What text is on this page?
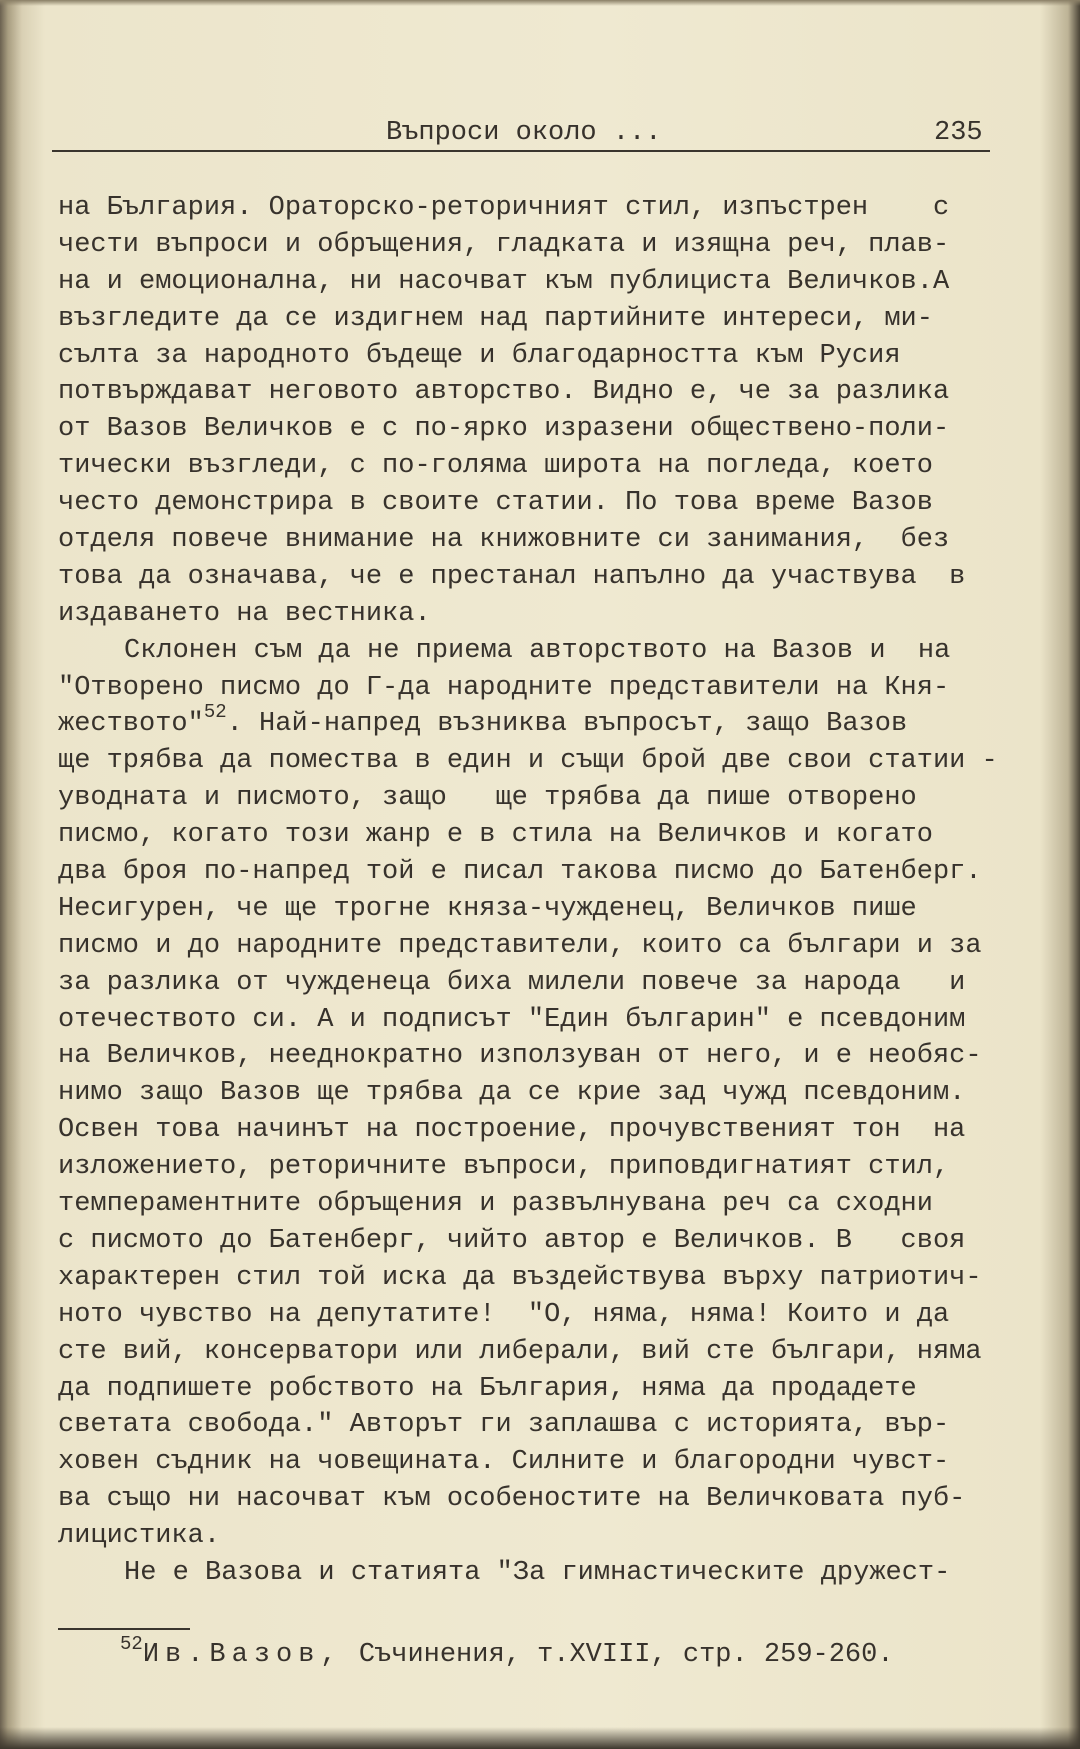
Въпроси около ...	235
на България. Ораторско-реторичният стил, изпъстрен    с
чести въпроси и обръщения, гладката и изящна реч, плав-
на и емоционална, ни насочват към публициста Величков.А
възгледите да се издигнем над партийните интереси, ми-
сълта за народното бъдеще и благодарността към Русия
потвърждават неговото авторство. Видно е, че за разлика
от Вазов Величков е с по-ярко изразени обществено-поли-
тически възгледи, с по-голяма широта на погледа, което
често демонстрира в своите статии. По това време Вазов
отделя повече внимание на книжовните си занимания,  без
това да означава, че е престанал напълно да участвува  в
издаването на вестника.
Склонен съм да не приема авторството на Вазов и  на
"Отворено писмо до Г-да народните представители на Кня-
жеството"$^{52}$. Най-напред възниква въпросът, защо Вазов
ще трябва да помества в един и същи брой две свои статии -
уводната и писмото, защо   ще трябва да пише отворено
писмо, когато този жанр е в стила на Величков и когато
два броя по-напред той е писал такова писмо до Батенберг.
Несигурен, че ще трогне княза-чужденец, Величков пише
писмо и до народните представители, които са българи и за
за разлика от чужденеца биха милели повече за народа   и
отечеството си. А и подписът "Един българин" е псевдоним
на Величков, нееднократно използуван от него, и е необяс-
нимо защо Вазов ще трябва да се крие зад чужд псевдоним.
Освен това начинът на построение, прочувственият тон  на
изложението, реторичните въпроси, приповдигнатият стил,
темпераментните обръщения и развълнувана реч са сходни
с писмото до Батенберг, чийто автор е Величков. В   своя
характерен стил той иска да въздействува върху патриотич-
ното чувство на депутатите!  "О, няма, няма! Които и да
сте вий, консерватори или либерали, вий сте българи, няма
да подпишете робството на България, няма да продадете
светата свобода." Авторът ги заплашва с историята, вър-
ховен съдник на човещината. Силните и благородни чувст-
ва също ни насочват към особеностите на Величковата пуб-
лицистика.
Не е Вазова и статията "За гимнастическите дружест-
$^{52}$Ив.Вазов, Съчинения, т.XVIII, стр. 259-260.
